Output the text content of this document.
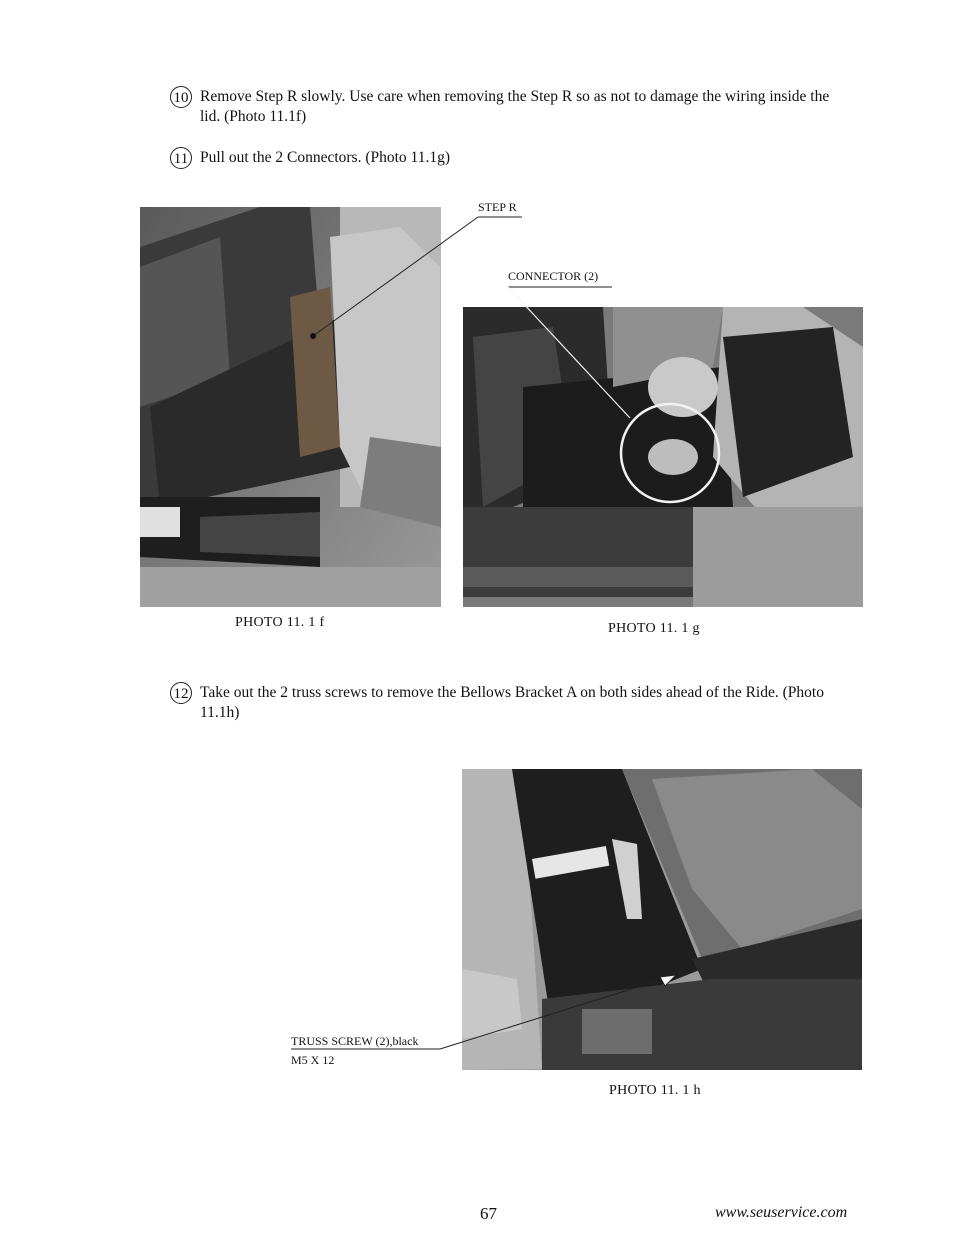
10 Remove Step R slowly. Use care when removing the Step R so as not to damage the wiring inside the lid. (Photo 11.1f)
11 Pull out the 2 Connectors. (Photo 11.1g)
12 Take out the 2 truss screws to remove the Bellows Bracket A on both sides ahead of the Ride. (Photo 11.1h)
STEP R
CONNECTOR (2)
TRUSS SCREW (2),black
M5 X 12
PHOTO 11. 1 f	PHOTO 11. 1 g
PHOTO 11. 1 h
67	www.seuservice.com
